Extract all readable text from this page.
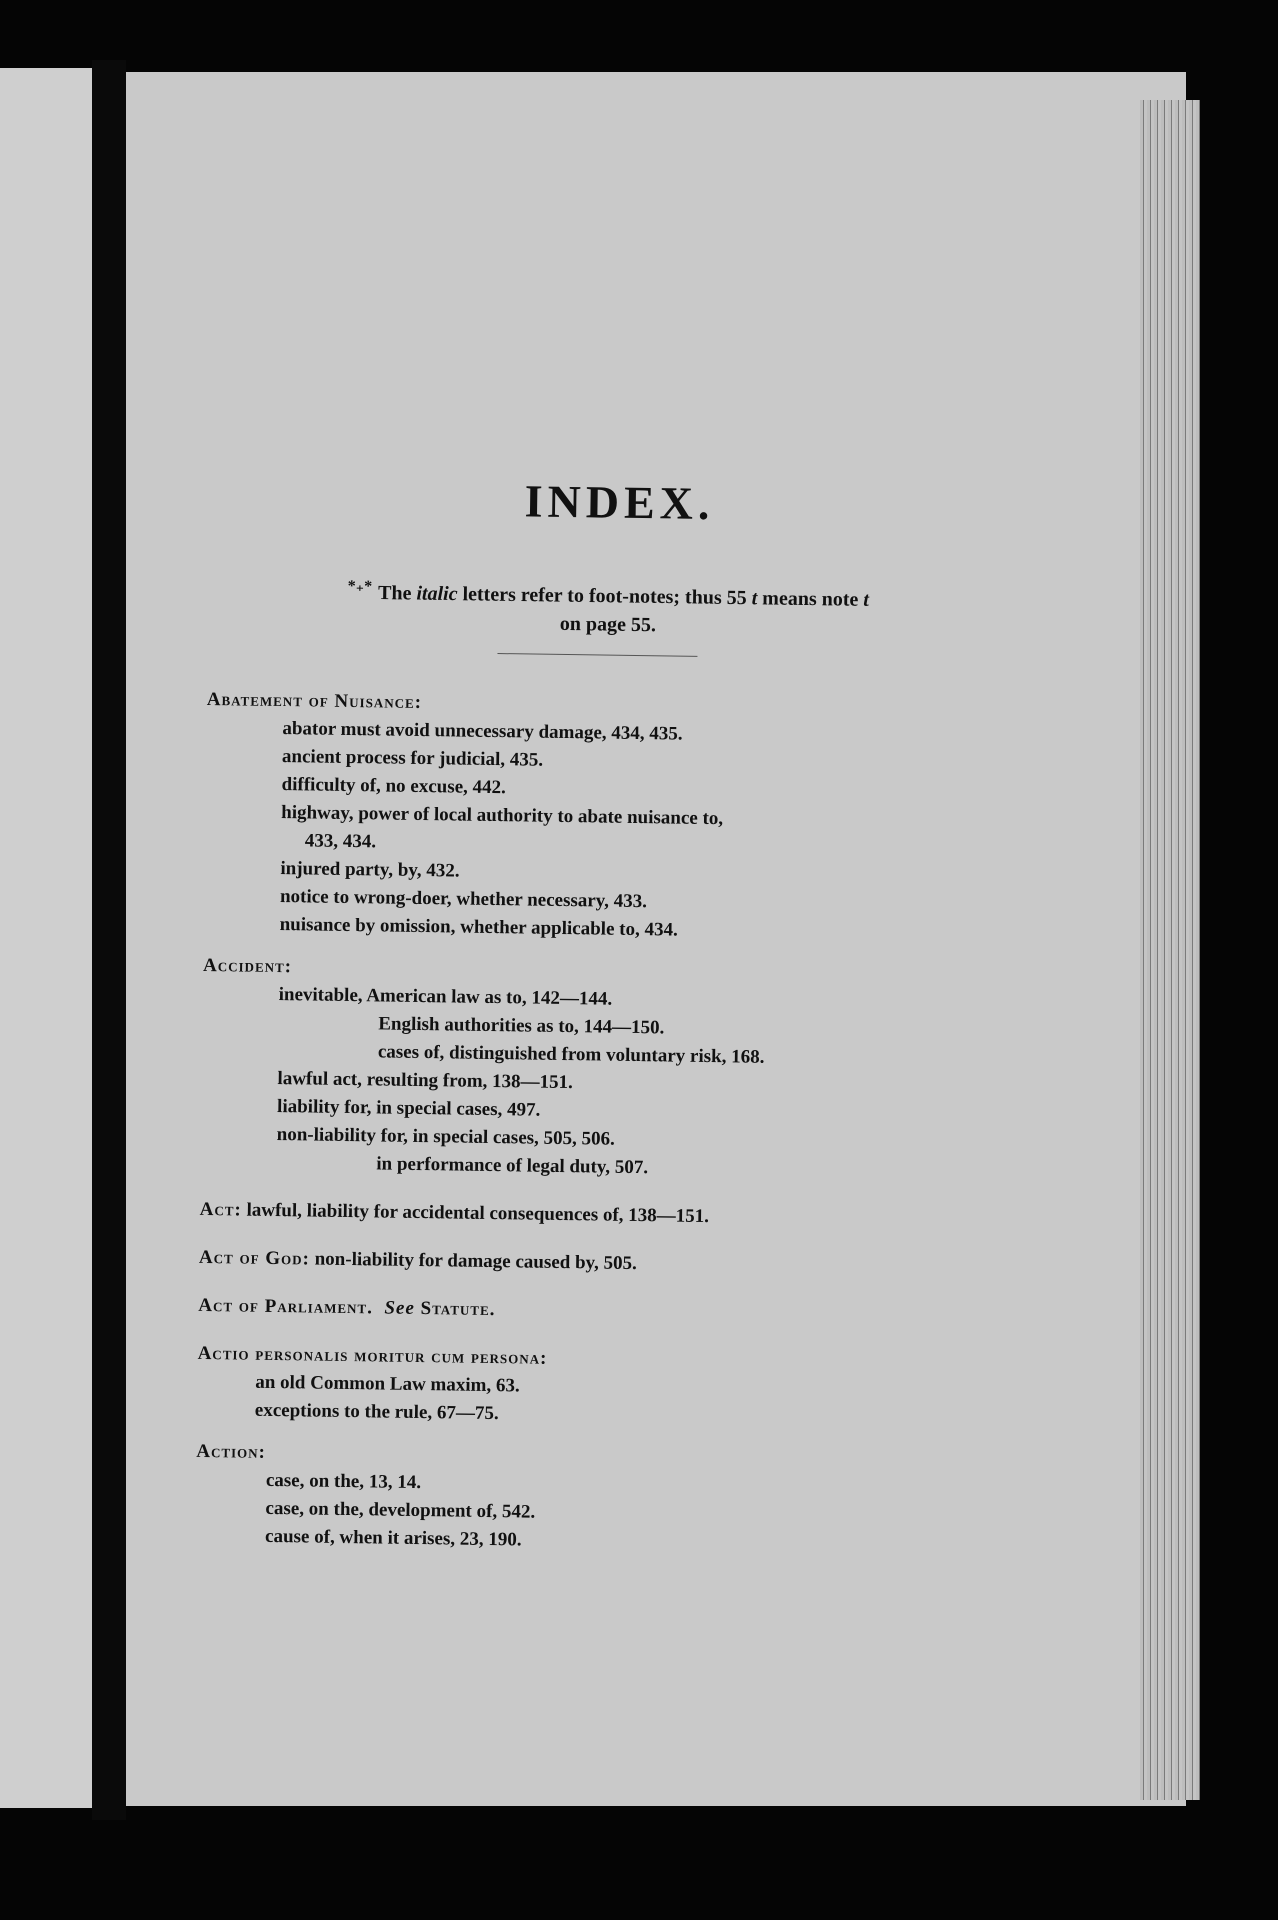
INDEX.
*₊* The italic letters refer to foot-notes; thus 55 t means note t
on page 55.
Abatement of Nuisance:
abator must avoid unnecessary damage, 434, 435.
ancient process for judicial, 435.
difficulty of, no excuse, 442.
highway, power of local authority to abate nuisance to,
433, 434.
injured party, by, 432.
notice to wrong-doer, whether necessary, 433.
nuisance by omission, whether applicable to, 434.
Accident:
inevitable, American law as to, 142—144.
English authorities as to, 144—150.
cases of, distinguished from voluntary risk, 168.
lawful act, resulting from, 138—151.
liability for, in special cases, 497.
non-liability for, in special cases, 505, 506.
in performance of legal duty, 507.
Act: lawful, liability for accidental consequences of, 138—151.
Act of God: non-liability for damage caused by, 505.
Act of Parliament. See Statute.
Actio personalis moritur cum persona:
an old Common Law maxim, 63.
exceptions to the rule, 67—75.
Action:
case, on the, 13, 14.
case, on the, development of, 542.
cause of, when it arises, 23, 190.
